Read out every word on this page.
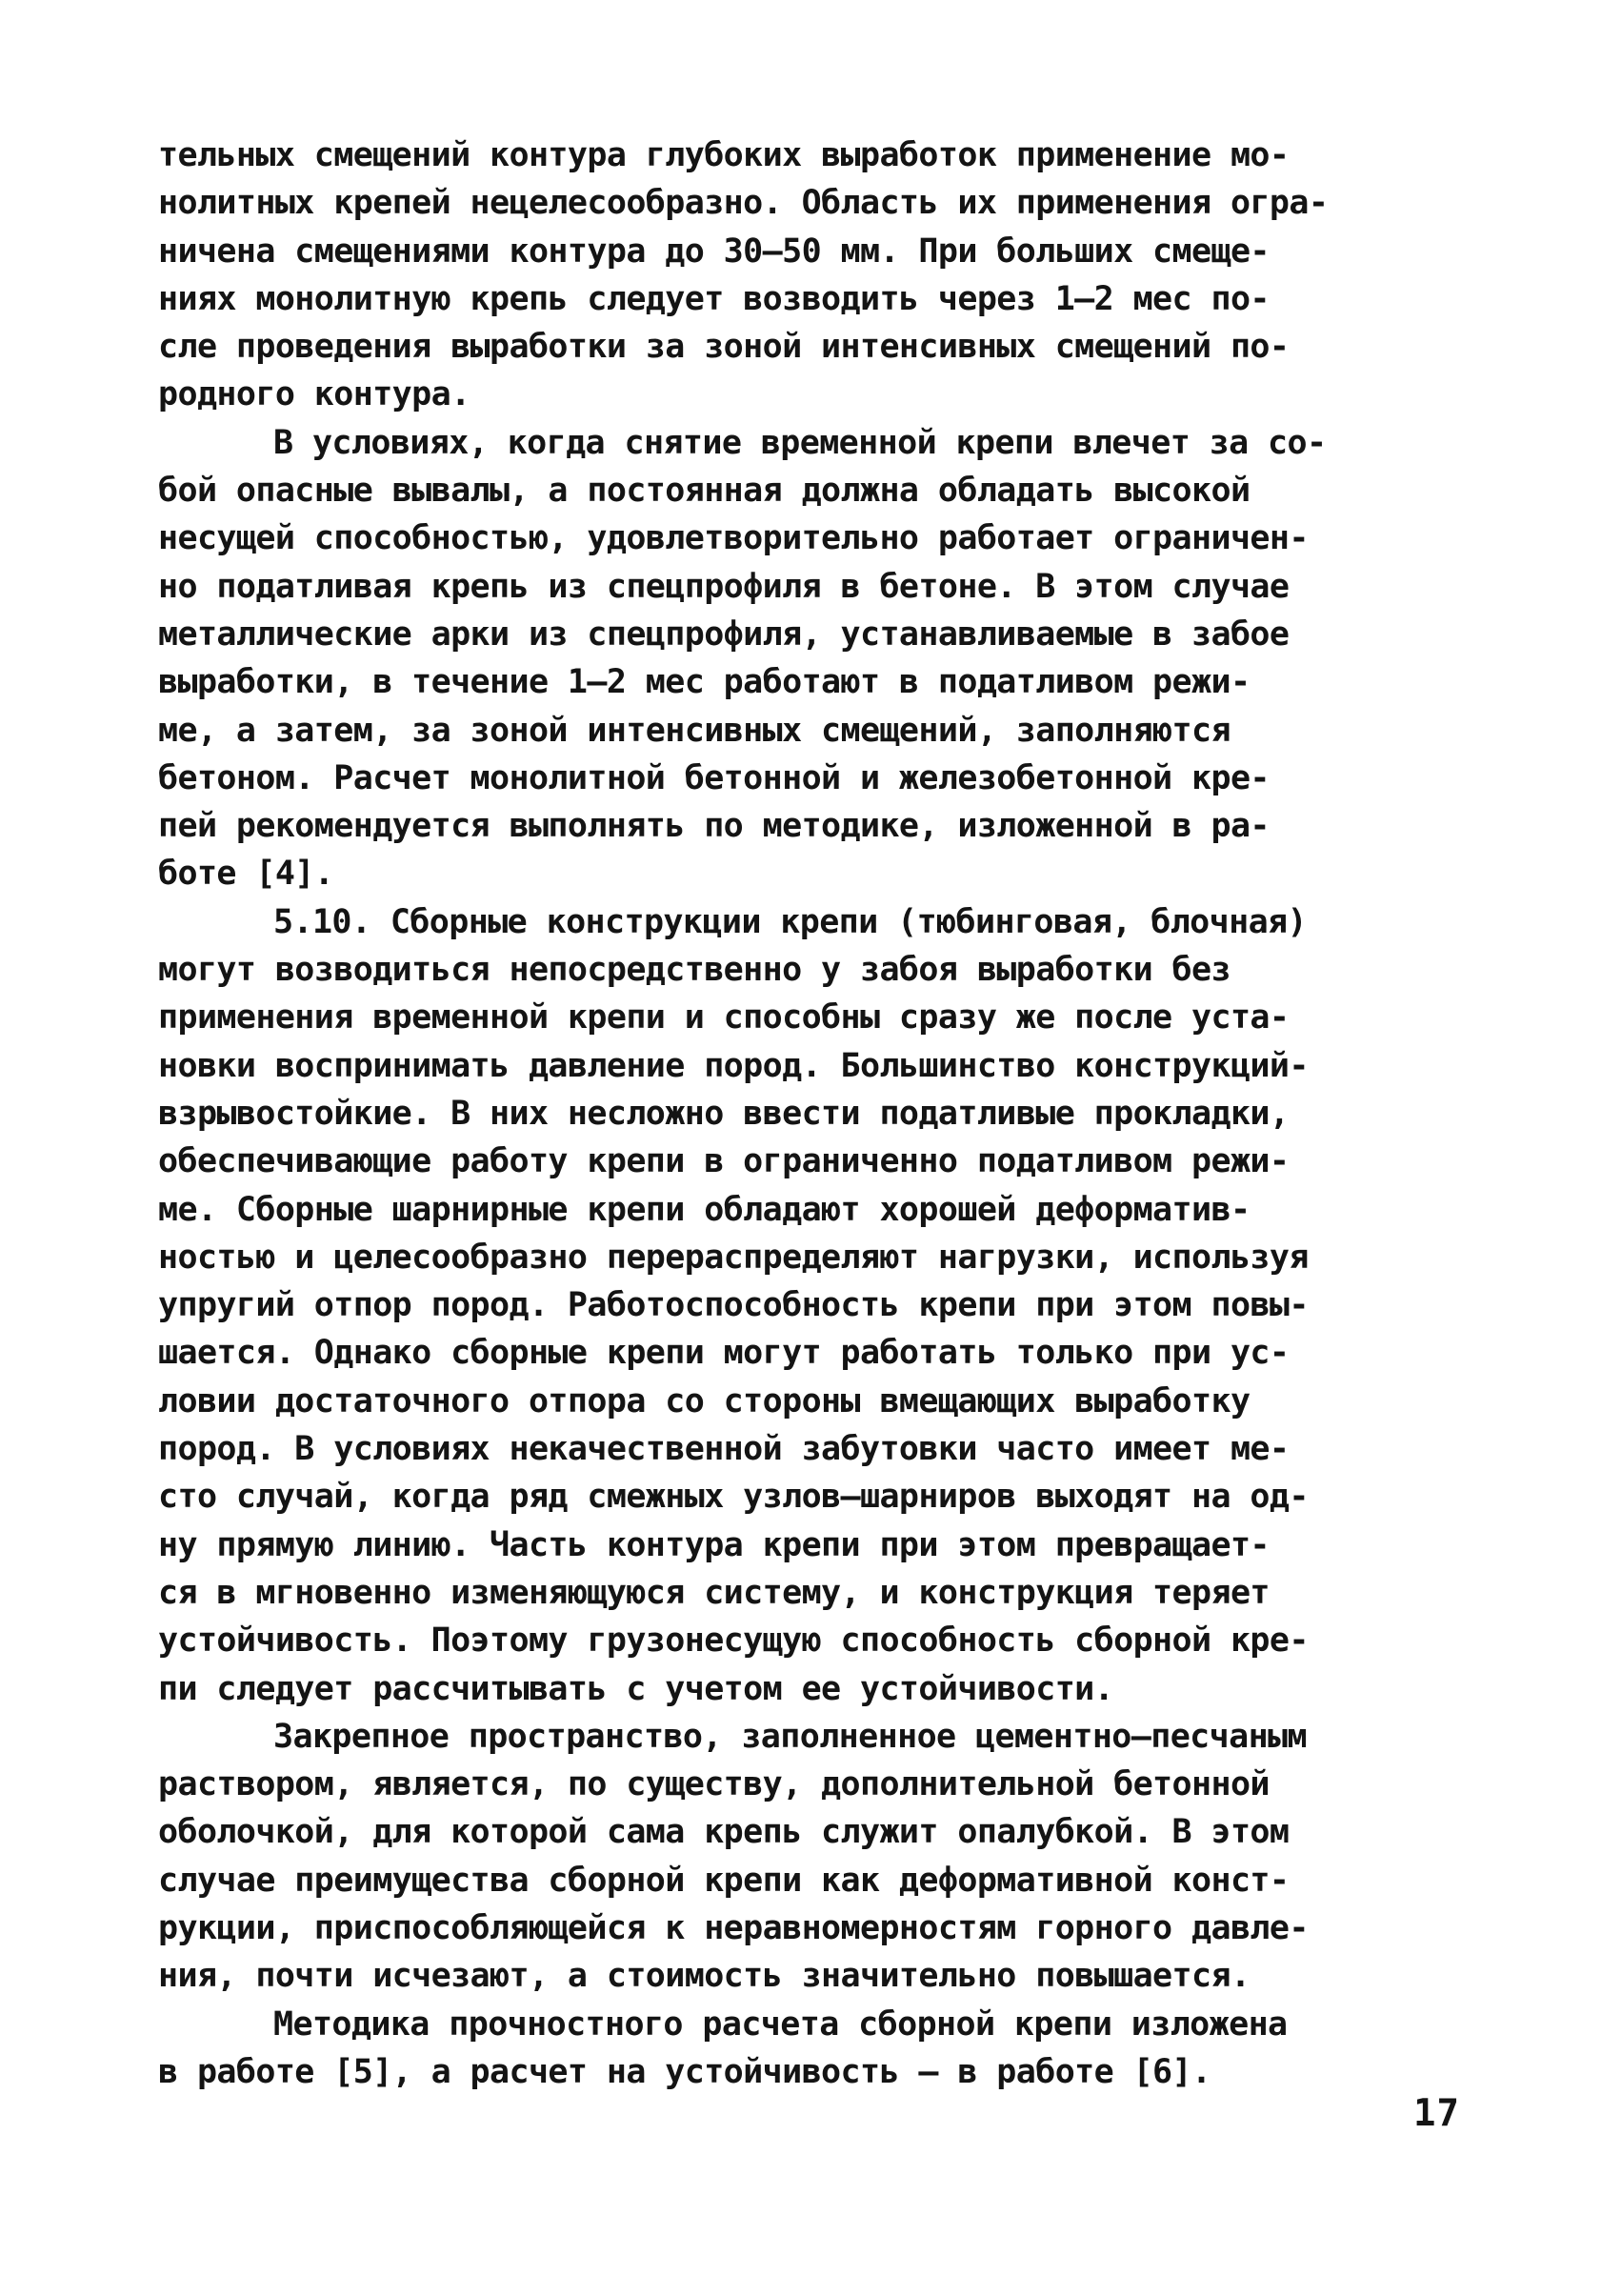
тельных смещений контура глубоких выработок применение мо-
нолитных крепей нецелесообразно. Область их применения огра-
ничена смещениями контура до 30–50 мм. При больших смеще-
ниях монолитную крепь следует возводить через 1–2 мес по-
сле проведения выработки за зоной интенсивных смещений по-
родного контура.
В условиях, когда снятие временной крепи влечет за со-
бой опасные вывалы, а постоянная должна обладать высокой
несущей способностью, удовлетворительно работает ограничен-
но податливая крепь из спецпрофиля в бетоне. В этом случае
металлические арки из спецпрофиля, устанавливаемые в забое
выработки, в течение 1–2 мес работают в податливом режи-
ме, а затем, за зоной интенсивных смещений, заполняются
бетоном. Расчет монолитной бетонной и железобетонной кре-
пей рекомендуется выполнять по методике, изложенной в ра-
боте [4].
5.10. Сборные конструкции крепи (тюбинговая, блочная)
могут возводиться непосредственно у забоя выработки без
применения временной крепи и способны сразу же после уста-
новки воспринимать давление пород. Большинство конструкций-
взрывостойкие. В них несложно ввести податливые прокладки,
обеспечивающие работу крепи в ограниченно податливом режи-
ме. Сборные шарнирные крепи обладают хорошей деформатив-
ностью и целесообразно перераспределяют нагрузки, используя
упругий отпор пород. Работоспособность крепи при этом повы-
шается. Однако сборные крепи могут работать только при ус-
ловии достаточного отпора со стороны вмещающих выработку
пород. В условиях некачественной забутовки часто имеет ме-
сто случай, когда ряд смежных узлов–шарниров выходят на од-
ну прямую линию. Часть контура крепи при этом превращает-
ся в мгновенно изменяющуюся систему, и конструкция теряет
устойчивость. Поэтому грузонесущую способность сборной кре-
пи следует рассчитывать с учетом ее устойчивости.
Закрепное пространство, заполненное цементно–песчаным
раствором, является, по существу, дополнительной бетонной
оболочкой, для которой сама крепь служит опалубкой. В этом
случае преимущества сборной крепи как деформативной конст-
рукции, приспособляющейся к неравномерностям горного давле-
ния, почти исчезают, а стоимость значительно повышается.
Методика прочностного расчета сборной крепи изложена
в работе [5], а расчет на устойчивость – в работе [6].
17
